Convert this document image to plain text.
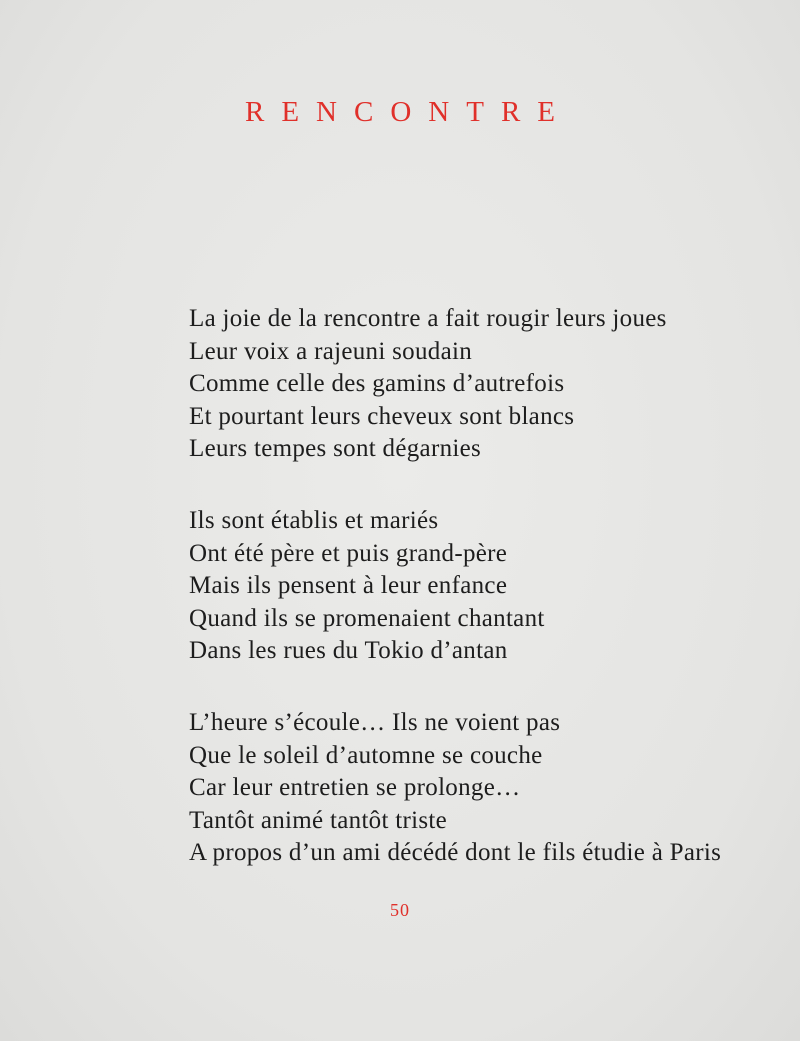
RENCONTRE
La joie de la rencontre a fait rougir leurs joues
Leur voix a rajeuni soudain
Comme celle des gamins d’autrefois
Et pourtant leurs cheveux sont blancs
Leurs tempes sont dégarnies
Ils sont établis et mariés
Ont été père et puis grand-père
Mais ils pensent à leur enfance
Quand ils se promenaient chantant
Dans les rues du Tokio d’antan
L’heure s’écoule… Ils ne voient pas
Que le soleil d’automne se couche
Car leur entretien se prolonge…
Tantôt animé tantôt triste
A propos d’un ami décédé dont le fils étudie à Paris
50
